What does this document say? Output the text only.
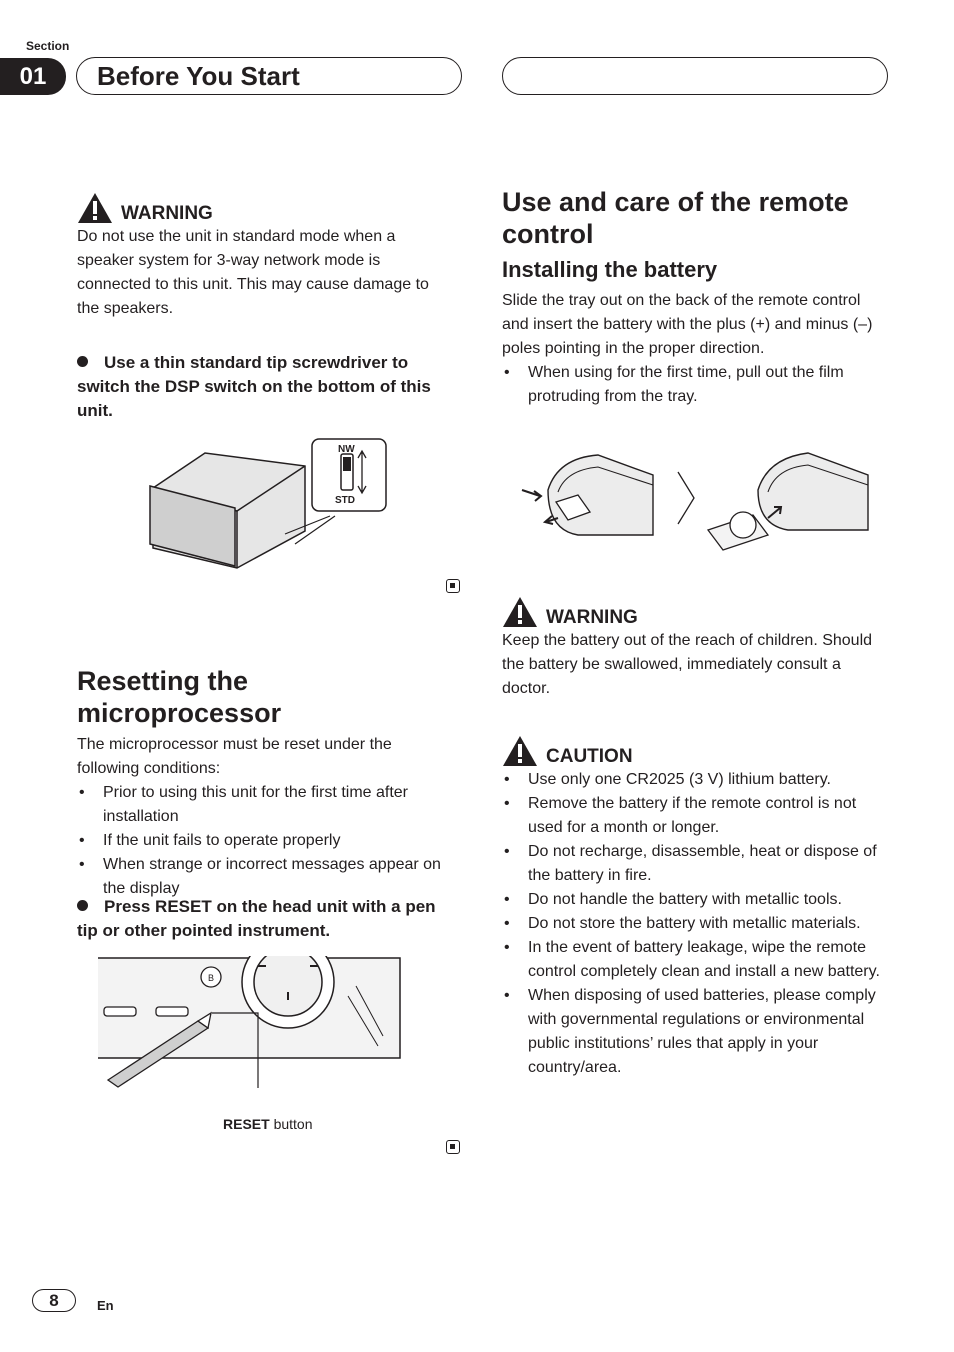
Section
01	Before You Start
WARNING
Do not use the unit in standard mode when a speaker system for 3-way network mode is connected to this unit. This may cause damage to the speakers.
Use a thin standard tip screwdriver to switch the DSP switch on the bottom of this unit.
NW
STD
Resetting the microprocessor
The microprocessor must be reset under the following conditions:
• Prior to using this unit for the first time after installation
• If the unit fails to operate properly
• When strange or incorrect messages appear on the display
Press RESET on the head unit with a pen tip or other pointed instrument.
B
RESET button
Use and care of the remote control
Installing the battery
Slide the tray out on the back of the remote control and insert the battery with the plus (+) and minus (–) poles pointing in the proper direction.
• When using for the first time, pull out the film protruding from the tray.
WARNING
Keep the battery out of the reach of children. Should the battery be swallowed, immediately consult a doctor.
CAUTION
• Use only one CR2025 (3 V) lithium battery.
• Remove the battery if the remote control is not used for a month or longer.
• Do not recharge, disassemble, heat or dispose of the battery in fire.
• Do not handle the battery with metallic tools.
• Do not store the battery with metallic materials.
• In the event of battery leakage, wipe the remote control completely clean and install a new battery.
• When disposing of used batteries, please comply with governmental regulations or environmental public institutions’ rules that apply in your country/area.
8	En
